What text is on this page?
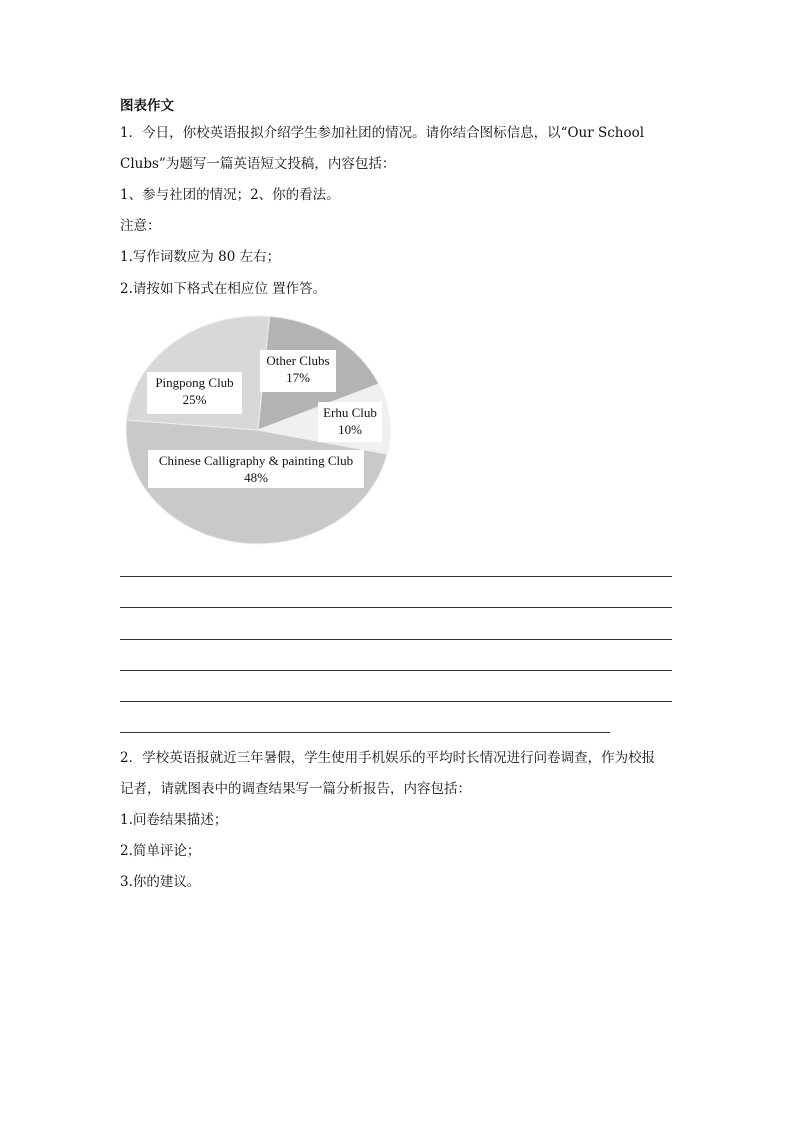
图表作文
1．今日，你校英语报拟介绍学生参加社团的情况。请你结合图标信息，以“Our School
Clubs”为题写一篇英语短文投稿，内容包括：
1、参与社团的情况；2、你的看法。
注意：
1.写作词数应为 80 左右；
2.请按如下格式在相应位 置作答。
Chinese Calligraphy & painting Club
48%
Pingpong Club
25%
Other Clubs
17%
Erhu Club
10%
2．学校英语报就近三年暑假，学生使用手机娱乐的平均时长情况进行问卷调查，作为校报
记者，请就图表中的调查结果写一篇分析报告，内容包括：
1.问卷结果描述；
2.简单评论；
3.你的建议。
